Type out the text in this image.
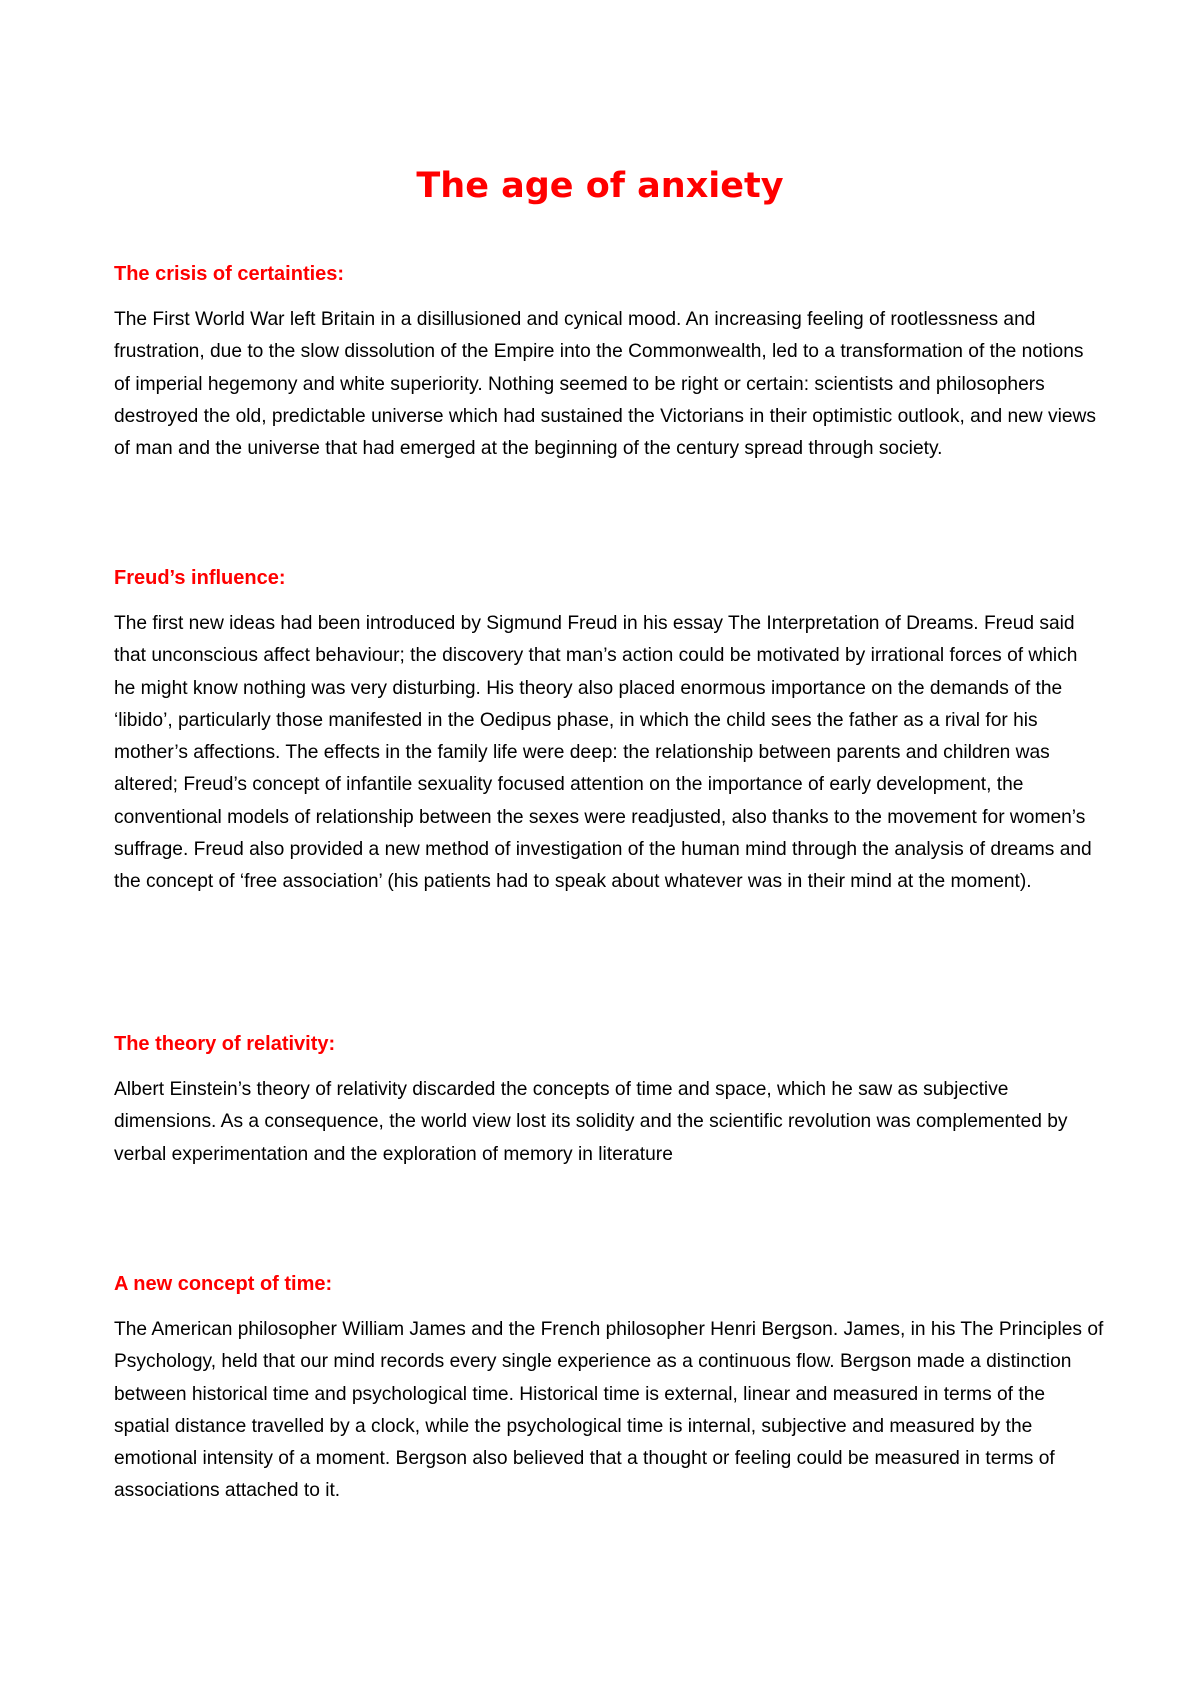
The age of anxiety
The crisis of certainties:

The First World War left Britain in a disillusioned and cynical mood. An increasing feeling of rootlessness and frustration, due to the slow dissolution of the Empire into the Commonwealth, led to a transformation of the notions of imperial hegemony and white superiority. Nothing seemed to be right or certain: scientists and philosophers destroyed the old, predictable universe which had sustained the Victorians in their optimistic outlook, and new views of man and the universe that had emerged at the beginning of the century spread through society.

Freud’s influence:

The first new ideas had been introduced by Sigmund Freud in his essay The Interpretation of Dreams. Freud said that unconscious affect behaviour; the discovery that man’s action could be motivated by irrational forces of which he might know nothing was very disturbing. His theory also placed enormous importance on the demands of the ‘libido’, particularly those manifested in the Oedipus phase, in which the child sees the father as a rival for his mother’s affections. The effects in the family life were deep: the relationship between parents and children was altered; Freud’s concept of infantile sexuality focused attention on the importance of early development, the conventional models of relationship between the sexes were readjusted, also thanks to the movement for women’s suffrage. Freud also provided a new method of investigation of the human mind through the analysis of dreams and the concept of ‘free association’ (his patients had to speak about whatever was in their mind at the moment).

The theory of relativity:

Albert Einstein’s theory of relativity discarded the concepts of time and space, which he saw as subjective dimensions. As a consequence, the world view lost its solidity and the scientific revolution was complemented by verbal experimentation and the exploration of memory in literature

A new concept of time:

The American philosopher William James and the French philosopher Henri Bergson. James, in his The Principles of Psychology, held that our mind records every single experience as a continuous flow. Bergson made a distinction between historical time and psychological time. Historical time is external, linear and measured in terms of the spatial distance travelled by a clock, while the psychological time is internal, subjective and measured by the emotional intensity of a moment. Bergson also believed that a thought or feeling could be measured in terms of associations attached to it.
